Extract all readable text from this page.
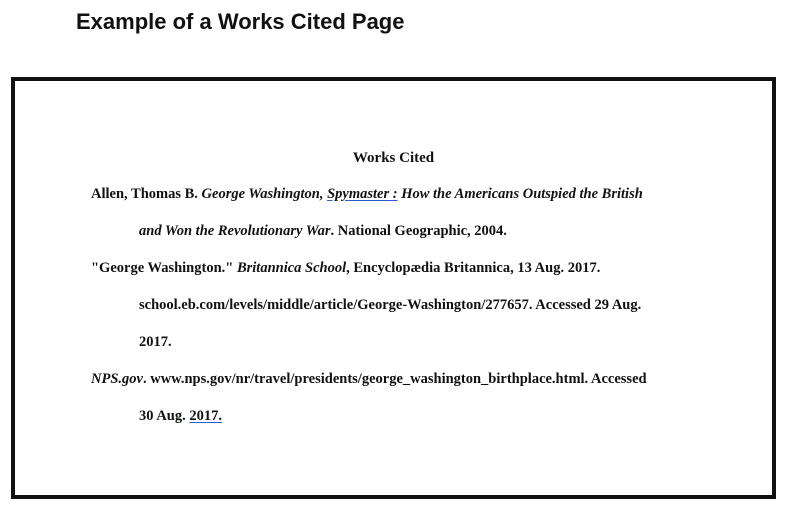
Example of a Works Cited Page
Works Cited
Allen, Thomas B. George Washington, Spymaster : How the Americans Outspied the British
and Won the Revolutionary War. National Geographic, 2004.
"George Washington." Britannica School, Encyclopædia Britannica, 13 Aug. 2017.
school.eb.com/levels/middle/article/George-Washington/277657. Accessed 29 Aug.
2017.
NPS.gov. www.nps.gov/nr/travel/presidents/george_washington_birthplace.html. Accessed
30 Aug. 2017.
